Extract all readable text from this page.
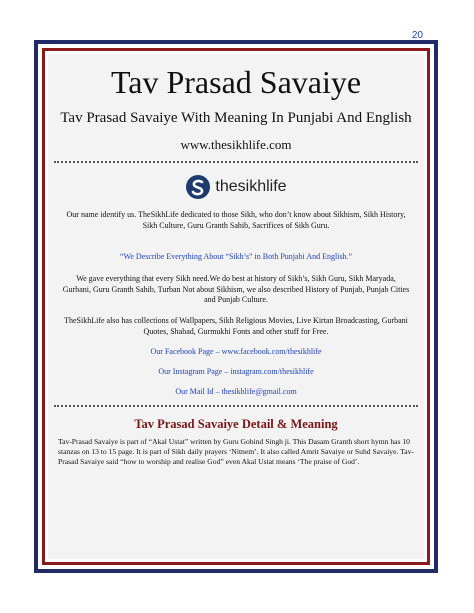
20
Tav Prasad Savaiye
Tav Prasad Savaiye With Meaning In Punjabi And English
www.thesikhlife.com
thesikhlife
Our name identify us. TheSikhLife dedicated to those Sikh, who don’t know about Sikhism, Sikh History, Sikh Culture, Guru Granth Sahib, Sacrifices of Sikh Guru.
“We Describe Everything About “Sikh’s” in Both Punjabi And English.”
We gave everything that every Sikh need.We do best at history of Sikh’s, Sikh Guru, Sikh Maryada, Gurbani, Guru Granth Sahib, Turban Not about Sikhism, we also described History of Punjab, Punjab Cities and Punjab Culture.
TheSikhLife also has collections of Wallpapers, Sikh Religious Movies, Live Kirtan Broadcasting, Gurbani Quotes, Shabad, Gurmukhi Fonts and other stuff for Free.
Our Facebook Page – www.facebook.com/thesikhlife
Our Instagram Page – instagram.com/thesikhlife
Our Mail Id – thesikhlife@gmail.com
Tav Prasad Savaiye Detail & Meaning
Tav-Prasad Savaiye is part of “Akal Ustat” written by Guru Gobind Singh ji. This Dasam Granth short hymn has 10 stanzas on 13 to 15 page. It is part of Sikh daily prayers ‘Nitnem’. It also called Amrit Savaiye or Suhd Savaiye. Tav-Prasad Savaiye said “how to worship and realise God” even Akal Ustat means ‘The praise of God’.
